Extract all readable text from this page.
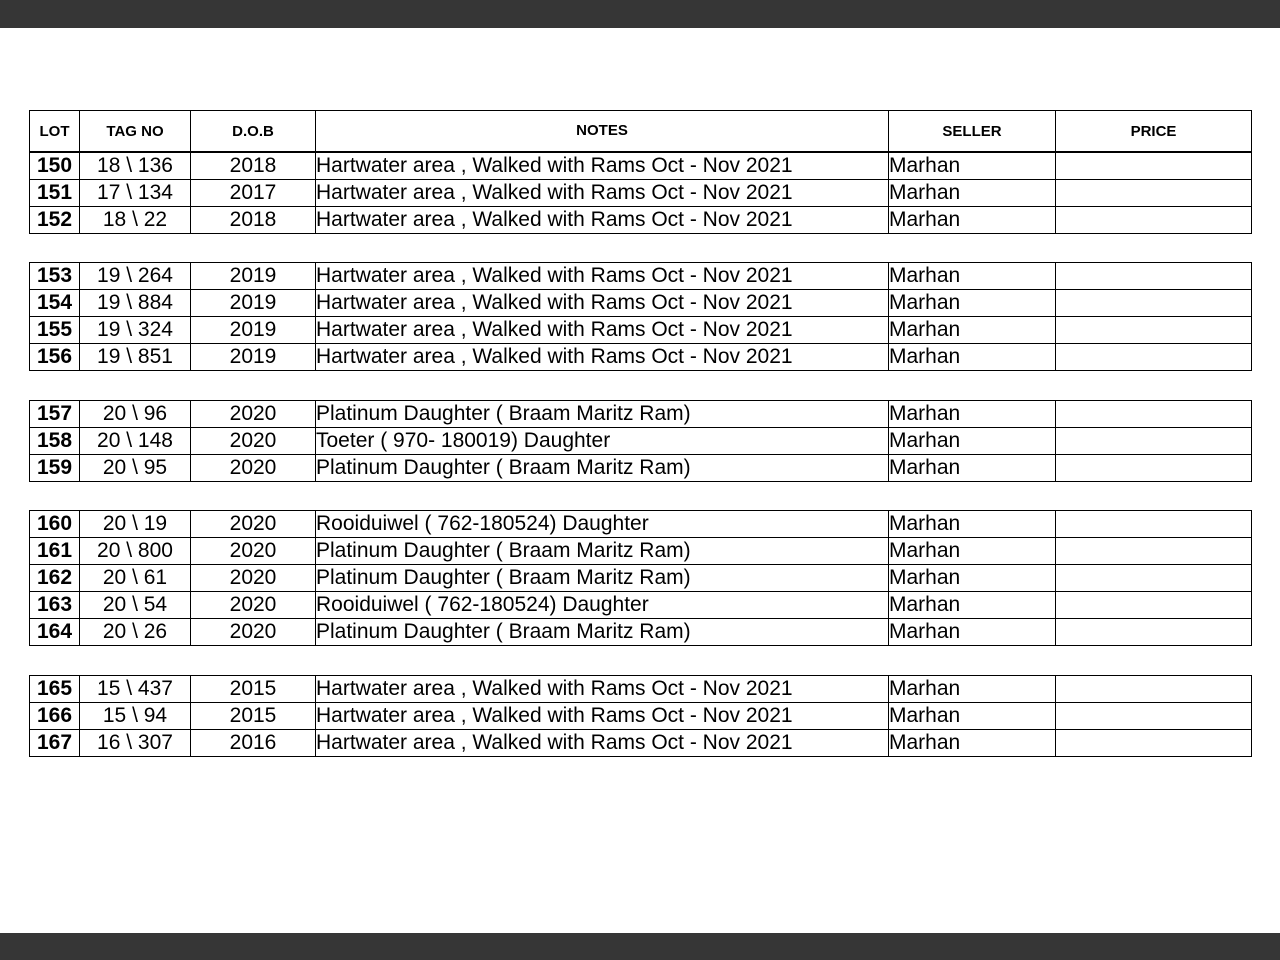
LOT	TAG NO	D.O.B	NOTES	SELLER	PRICE
150	18 \ 136	2018	Hartwater area , Walked with Rams Oct - Nov 2021	Marhan	
151	17 \ 134	2017	Hartwater area , Walked with Rams Oct - Nov 2021	Marhan	
152	18 \ 22	2018	Hartwater area , Walked with Rams Oct - Nov 2021	Marhan	
153	19 \ 264	2019	Hartwater area , Walked with Rams Oct - Nov 2021	Marhan	
154	19 \ 884	2019	Hartwater area , Walked with Rams Oct - Nov 2021	Marhan	
155	19 \ 324	2019	Hartwater area , Walked with Rams Oct - Nov 2021	Marhan	
156	19 \ 851	2019	Hartwater area , Walked with Rams Oct - Nov 2021	Marhan	
157	20 \ 96	2020	Platinum Daughter ( Braam Maritz Ram)	Marhan	
158	20 \ 148	2020	Toeter ( 970- 180019) Daughter	Marhan	
159	20 \ 95	2020	Platinum Daughter ( Braam Maritz Ram)	Marhan	
160	20 \ 19	2020	Rooiduiwel ( 762-180524) Daughter	Marhan	
161	20 \ 800	2020	Platinum Daughter ( Braam Maritz Ram)	Marhan	
162	20 \ 61	2020	Platinum Daughter ( Braam Maritz Ram)	Marhan	
163	20 \ 54	2020	Rooiduiwel ( 762-180524) Daughter	Marhan	
164	20 \ 26	2020	Platinum Daughter ( Braam Maritz Ram)	Marhan	
165	15 \ 437	2015	Hartwater area , Walked with Rams Oct - Nov 2021	Marhan	
166	15 \ 94	2015	Hartwater area , Walked with Rams Oct - Nov 2021	Marhan	
167	16 \ 307	2016	Hartwater area , Walked with Rams Oct - Nov 2021	Marhan	
